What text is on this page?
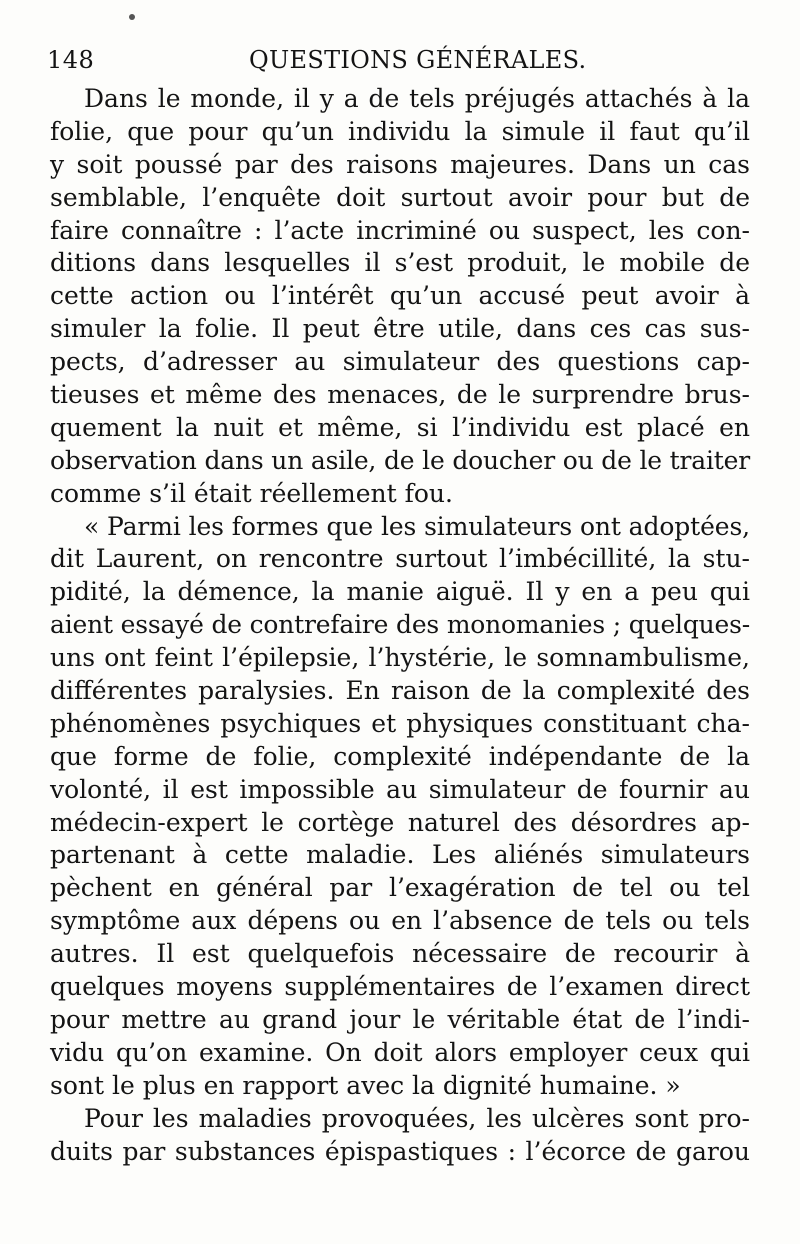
148	QUESTIONS GÉNÉRALES.
Dans le monde, il y a de tels préjugés attachés à la
folie, que pour qu’un individu la simule il faut qu’il
y soit poussé par des raisons majeures. Dans un cas
semblable, l’enquête doit surtout avoir pour but de
faire connaître : l’acte incriminé ou suspect, les con-
ditions dans lesquelles il s’est produit, le mobile de
cette action ou l’intérêt qu’un accusé peut avoir à
simuler la folie. Il peut être utile, dans ces cas sus-
pects, d’adresser au simulateur des questions cap-
tieuses et même des menaces, de le surprendre brus-
quement la nuit et même, si l’individu est placé en
observation dans un asile, de le doucher ou de le traiter
comme s’il était réellement fou.
« Parmi les formes que les simulateurs ont adoptées,
dit Laurent, on rencontre surtout l’imbécillité, la stu-
pidité, la démence, la manie aiguë. Il y en a peu qui
aient essayé de contrefaire des monomanies ; quelques-
uns ont feint l’épilepsie, l’hystérie, le somnambulisme,
différentes paralysies. En raison de la complexité des
phénomènes psychiques et physiques constituant cha-
que forme de folie, complexité indépendante de la
volonté, il est impossible au simulateur de fournir au
médecin-expert le cortège naturel des désordres ap-
partenant à cette maladie. Les aliénés simulateurs
pèchent en général par l’exagération de tel ou tel
symptôme aux dépens ou en l’absence de tels ou tels
autres. Il est quelquefois nécessaire de recourir à
quelques moyens supplémentaires de l’examen direct
pour mettre au grand jour le véritable état de l’indi-
vidu qu’on examine. On doit alors employer ceux qui
sont le plus en rapport avec la dignité humaine. »
Pour les maladies provoquées, les ulcères sont pro-
duits par substances épispastiques : l’écorce de garou
